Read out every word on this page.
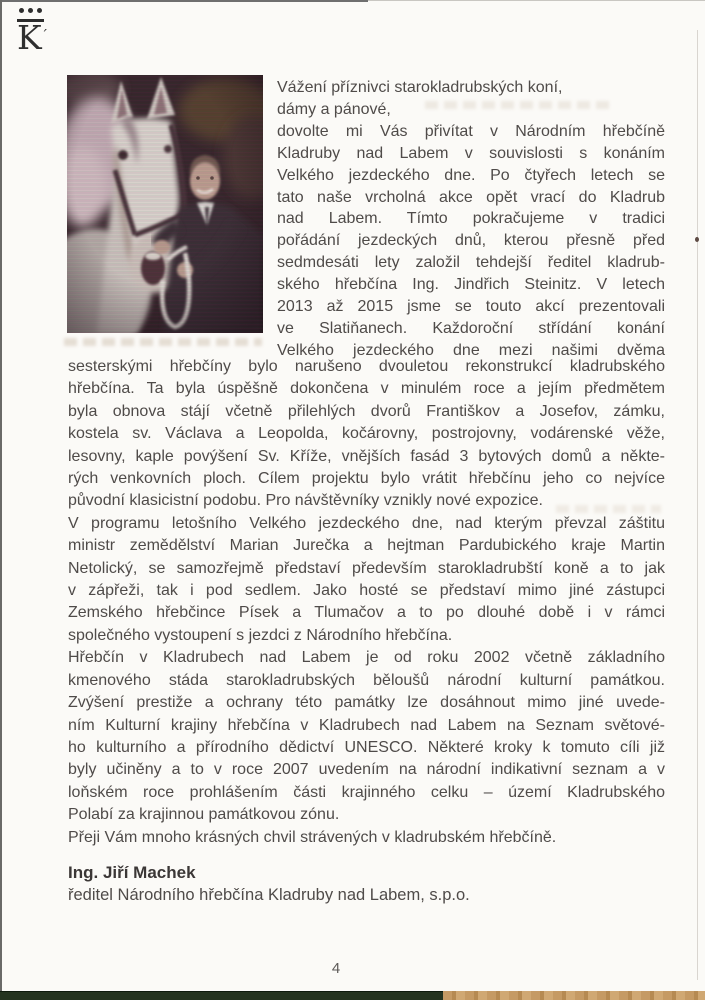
K ´
Vážení příznivci starokladrubských koní,
dámy a pánové,
dovolte mi Vás přivítat v Národním hřebčíně
Kladruby nad Labem v souvislosti s konáním
Velkého jezdeckého dne. Po čtyřech letech se
tato naše vrcholná akce opět vrací do Kladrub
nad Labem. Tímto pokračujeme v tradici
pořádání jezdeckých dnů, kterou přesně před
sedmdesáti lety založil tehdejší ředitel kladrub-
ského hřebčína Ing. Jindřich Steinitz. V letech
2013 až 2015 jsme se touto akcí prezentovali
ve Slatiňanech. Každoroční střídání konání
Velkého jezdeckého dne mezi našimi dvěma
sesterskými hřebčíny bylo narušeno dvouletou rekonstrukcí kladrubského
hřebčína. Ta byla úspěšně dokončena v minulém roce a jejím předmětem
byla obnova stájí včetně přilehlých dvorů Františkov a Josefov, zámku,
kostela sv. Václava a Leopolda, kočárovny, postrojovny, vodárenské věže,
lesovny, kaple povýšení Sv. Kříže, vnějších fasád 3 bytových domů a někte-
rých venkovních ploch. Cílem projektu bylo vrátit hřebčínu jeho co nejvíce
původní klasicistní podobu. Pro návštěvníky vznikly nové expozice.
V programu letošního Velkého jezdeckého dne, nad kterým převzal záštitu
ministr zemědělství Marian Jurečka a hejtman Pardubického kraje Martin
Netolický, se samozřejmě představí především starokladrubští koně a to jak
v zápřeži, tak i pod sedlem. Jako hosté se představí mimo jiné zástupci
Zemského hřebčince Písek a Tlumačov a to po dlouhé době i v rámci
společného vystoupení s jezdci z Národního hřebčína.
Hřebčín v Kladrubech nad Labem je od roku 2002 včetně základního
kmenového stáda starokladrubských běloušů národní kulturní památkou.
Zvýšení prestiže a ochrany této památky lze dosáhnout mimo jiné uvede-
ním Kulturní krajiny hřebčína v Kladrubech nad Labem na Seznam světové-
ho kulturního a přírodního dědictví UNESCO. Některé kroky k tomuto cíli již
byly učiněny a to v roce 2007 uvedením na národní indikativní seznam a v
loňském roce prohlášením části krajinného celku – území Kladrubského
Polabí za krajinnou památkovou zónu.
Přeji Vám mnoho krásných chvil strávených v kladrubském hřebčíně.
Ing. Jiří Machek
ředitel Národního hřebčína Kladruby nad Labem, s.p.o.
4
